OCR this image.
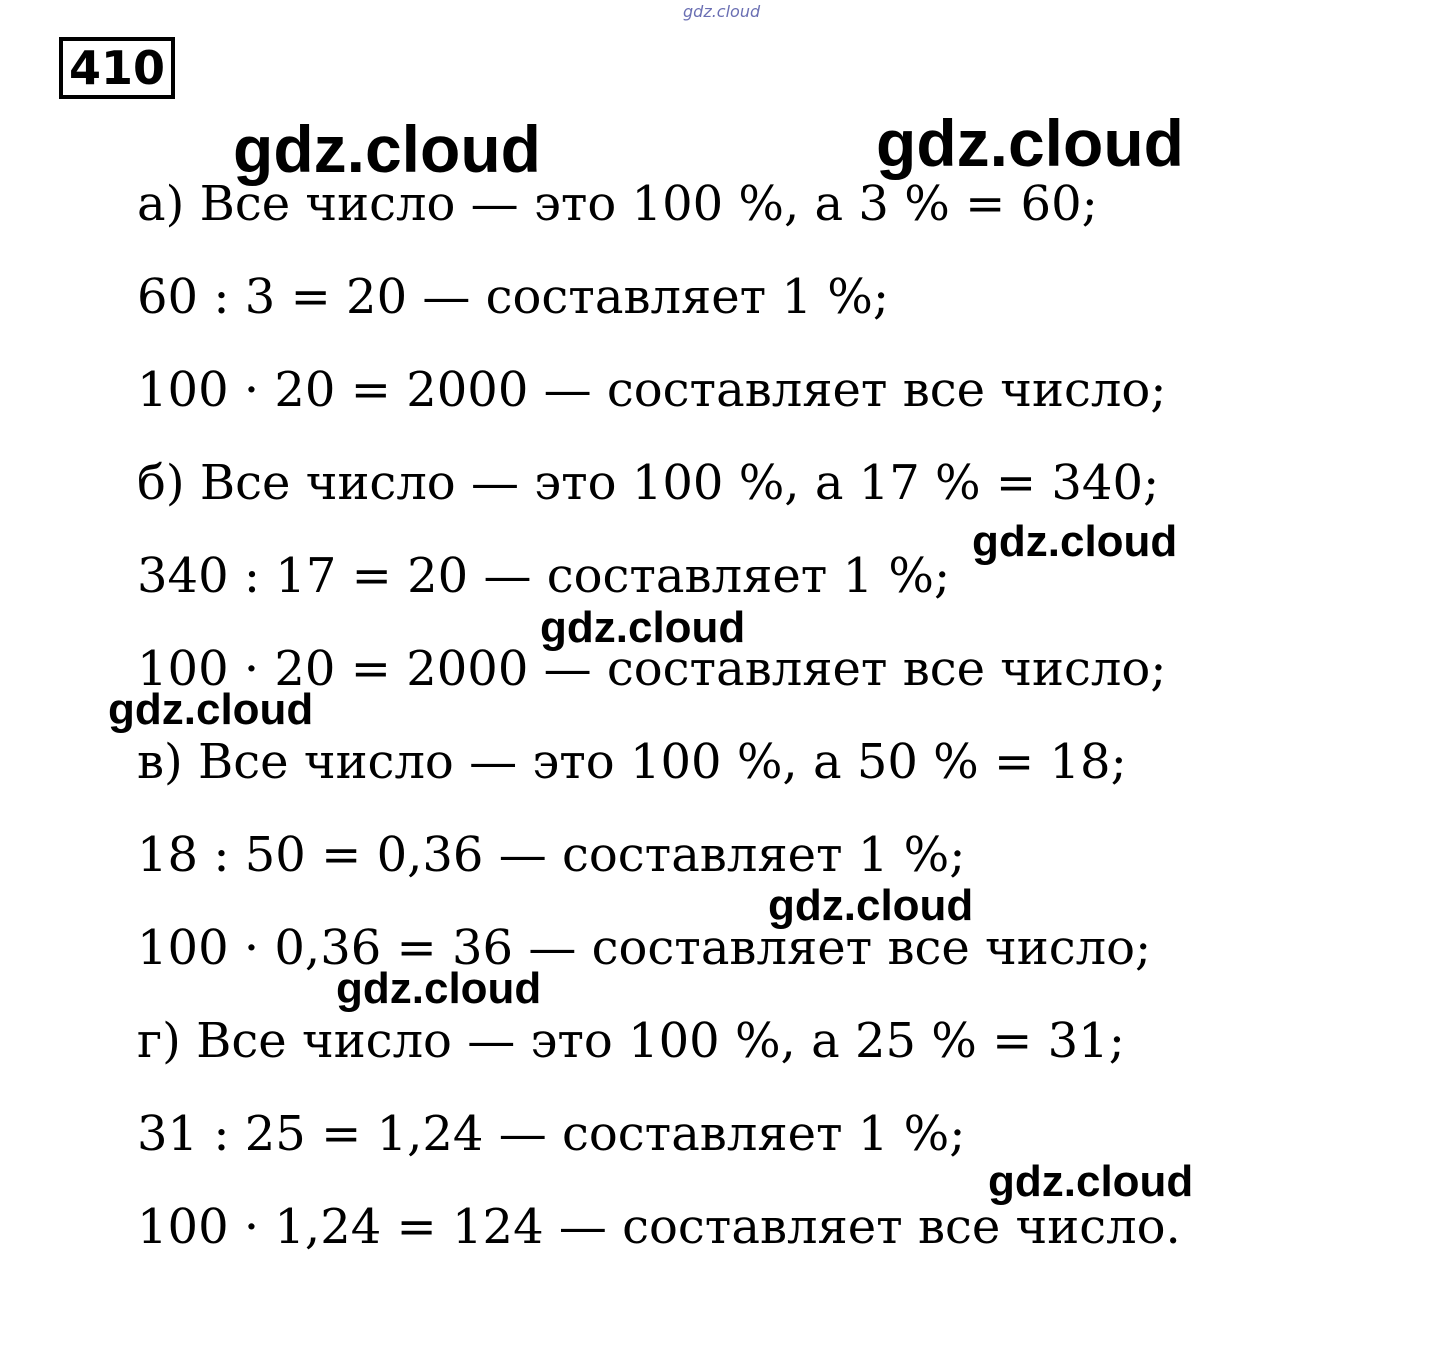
gdz.cloud
410
а) Все число — это 100 %, а 3 % = 60;
60 : 3 = 20 — составляет 1 %;
100 · 20 = 2000 — составляет все число;
б) Все число — это 100 %, а 17 % = 340;
340 : 17 = 20 — составляет 1 %;
100 · 20 = 2000 — составляет все число;
в) Все число — это 100 %, а 50 % = 18;
18 : 50 = 0,36 — составляет 1 %;
100 · 0,36 = 36 — составляет все число;
г) Все число — это 100 %, а 25 % = 31;
31 : 25 = 1,24 — составляет 1 %;
100 · 1,24 = 124 — составляет все число.
gdz.cloud	gdz.cloud
gdz.cloud
gdz.cloud
gdz.cloud
gdz.cloud
gdz.cloud
gdz.cloud
